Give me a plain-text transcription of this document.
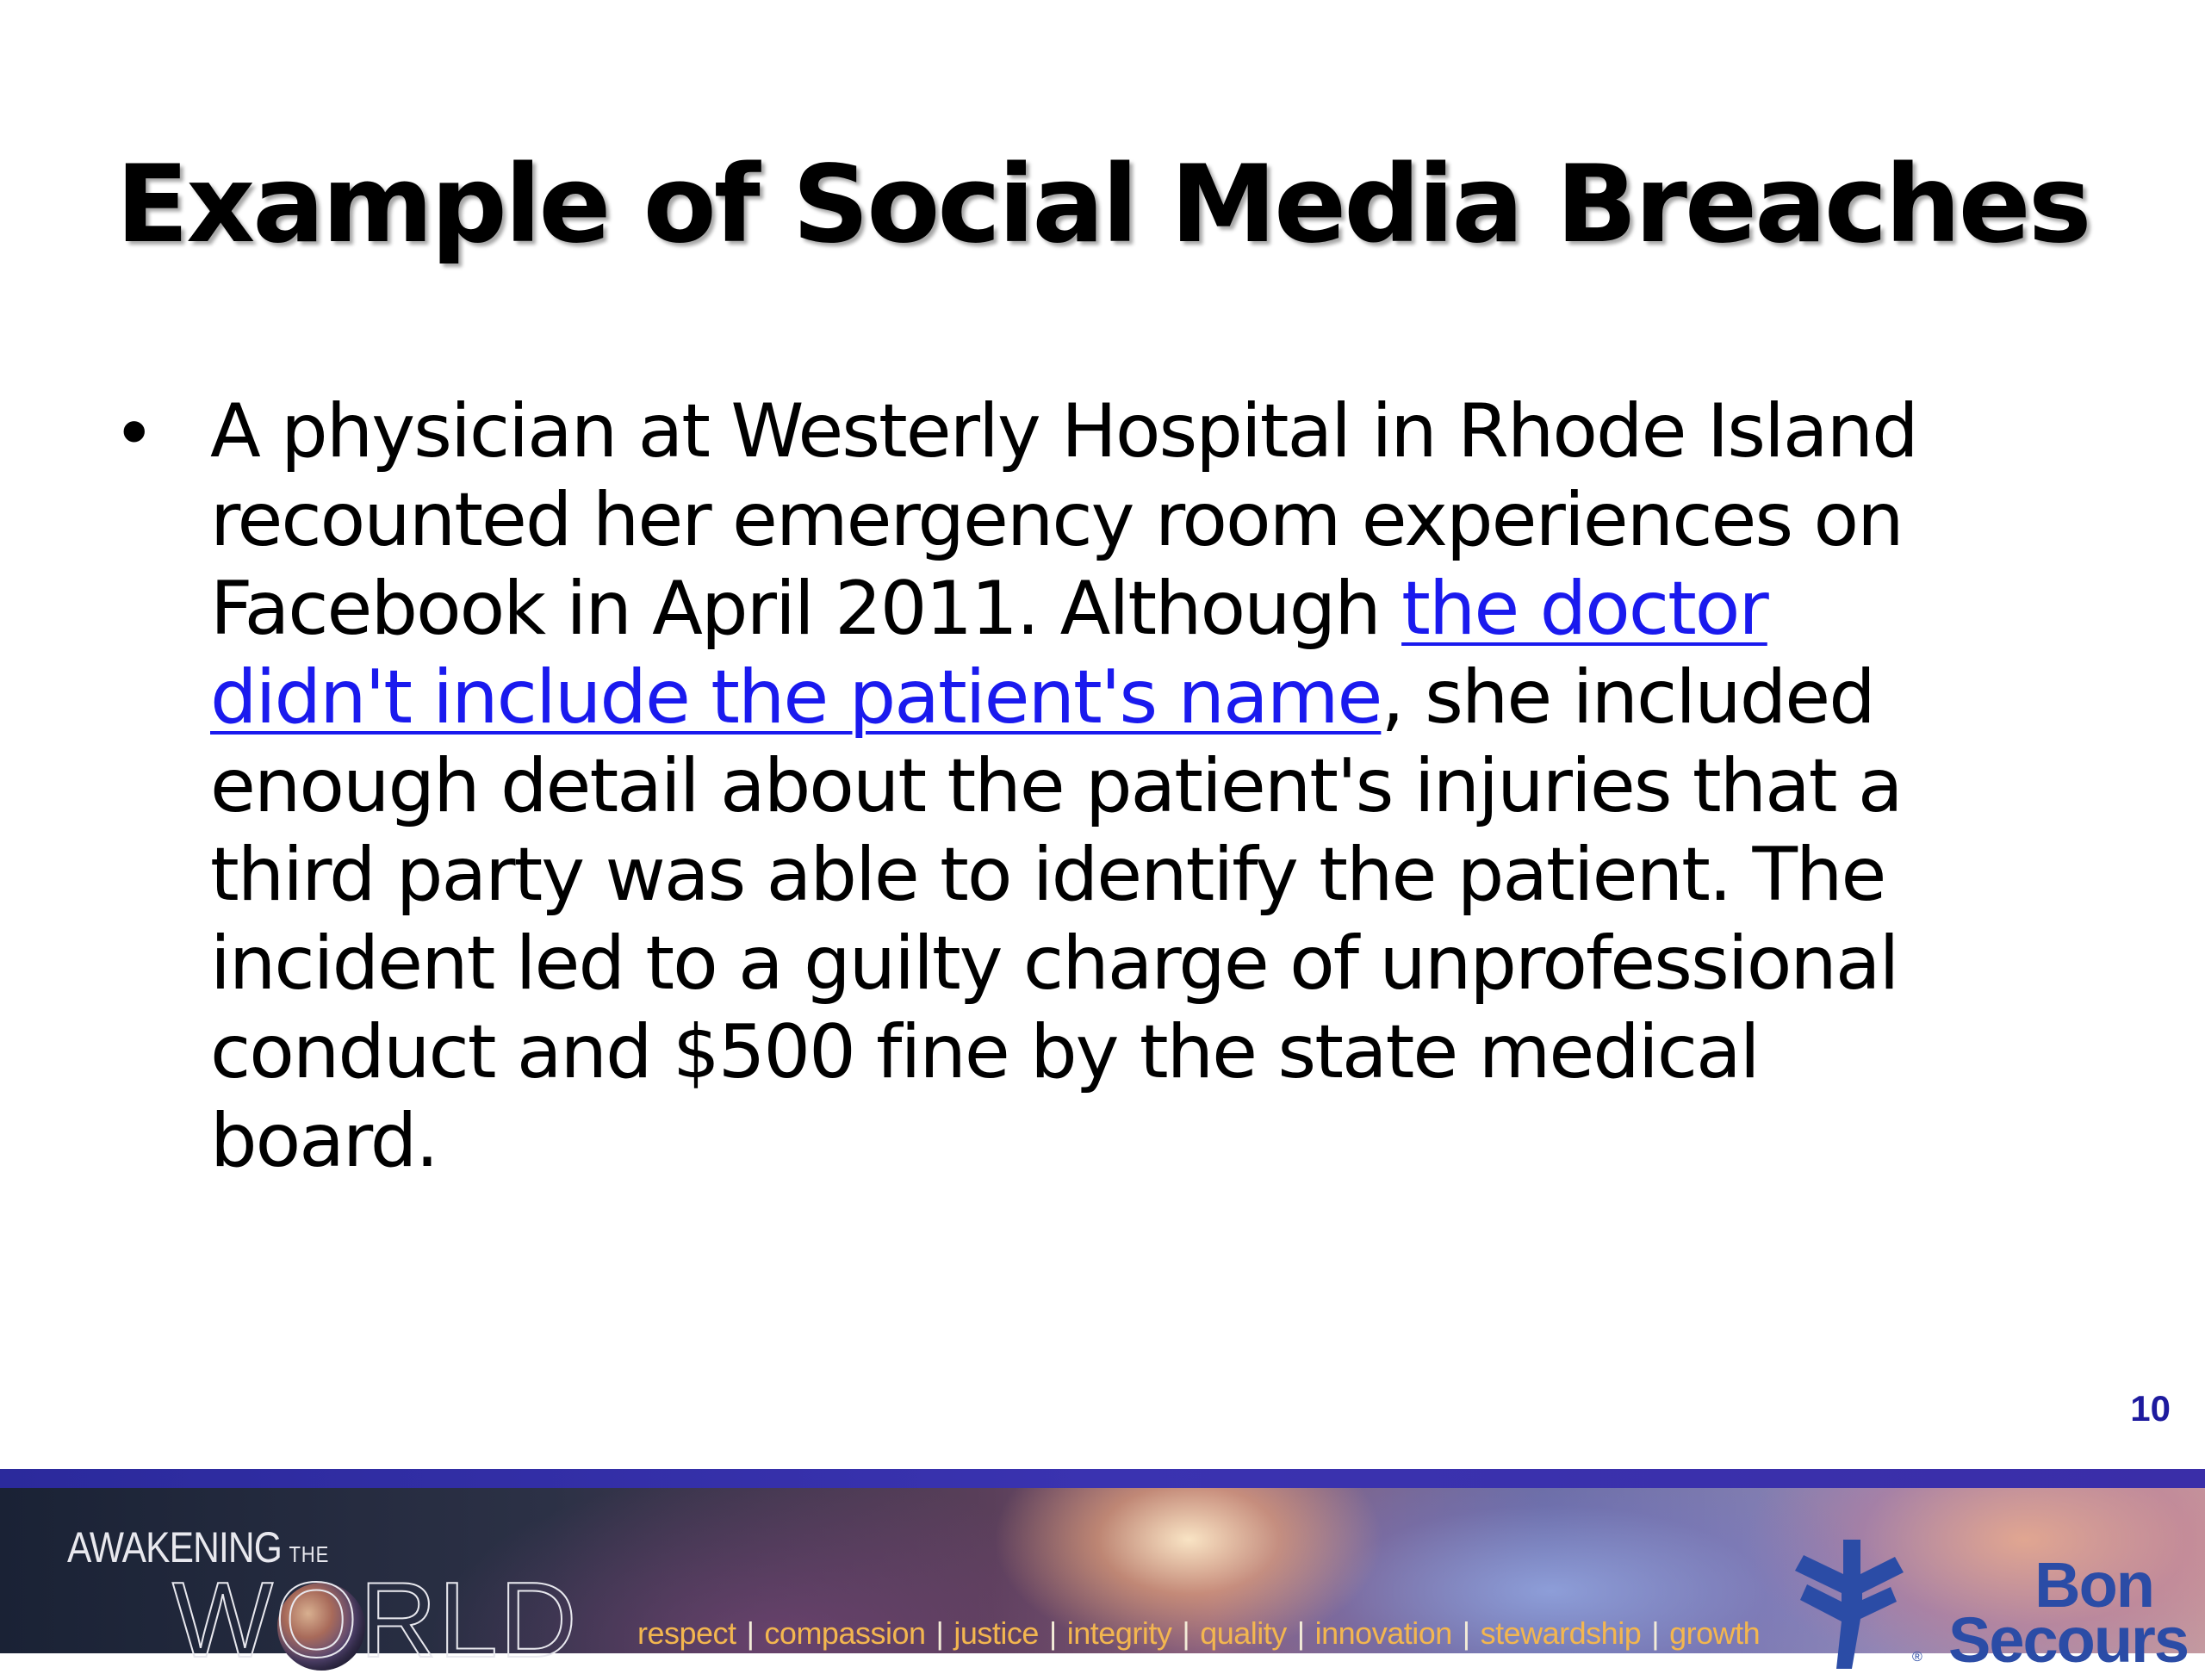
Example of Social Media Breaches
• A physician at Westerly Hospital in Rhode Island
recounted her emergency room experiences on
Facebook in April 2011. Although the doctor
didn't include the patient's name, she included
enough detail about the patient's injuries that a
third party was able to identify the patient. The
incident led to a guilty charge of unprofessional
conduct and $500 fine by the state medical
board.
10
AWAKENING THE
WORLD respect | compassion | justice | integrity | quality | innovation | stewardship | growth
Bon
Secours
®
